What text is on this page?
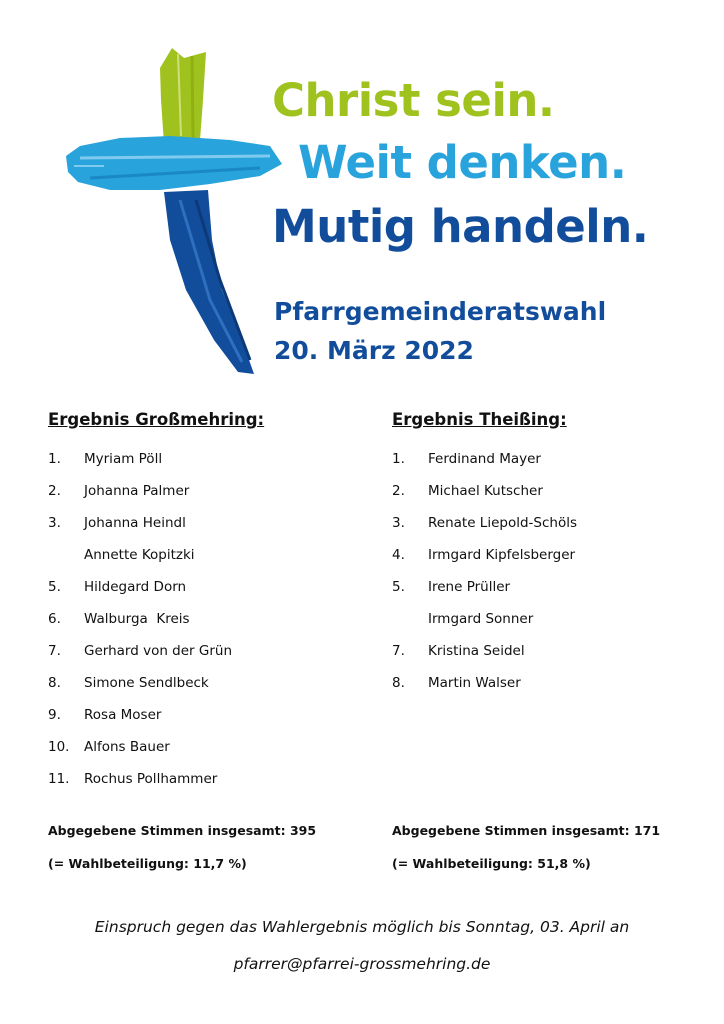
Christ sein.
Weit denken.
Mutig handeln.
Pfarrgemeinderatswahl
20. März 2022
Ergebnis Großmehring:
1.	Myriam Pöll
2.	Johanna Palmer
3.	Johanna Heindl
Annette Kopitzki
5.	Hildegard Dorn
6.	Walburga  Kreis
7.	Gerhard von der Grün
8.	Simone Sendlbeck
9.	Rosa Moser
10.	Alfons Bauer
11.	Rochus Pollhammer
Ergebnis Theißing:
1.	Ferdinand Mayer
2.	Michael Kutscher
3.	Renate Liepold-Schöls
4.	Irmgard Kipfelsberger
5.	Irene Prüller
Irmgard Sonner
7.	Kristina Seidel
8.	Martin Walser
Abgegebene Stimmen insgesamt: 395
(= Wahlbeteiligung: 11,7 %)
Abgegebene Stimmen insgesamt: 171
(= Wahlbeteiligung: 51,8 %)
Einspruch gegen das Wahlergebnis möglich bis Sonntag, 03. April an
pfarrer@pfarrei-grossmehring.de
